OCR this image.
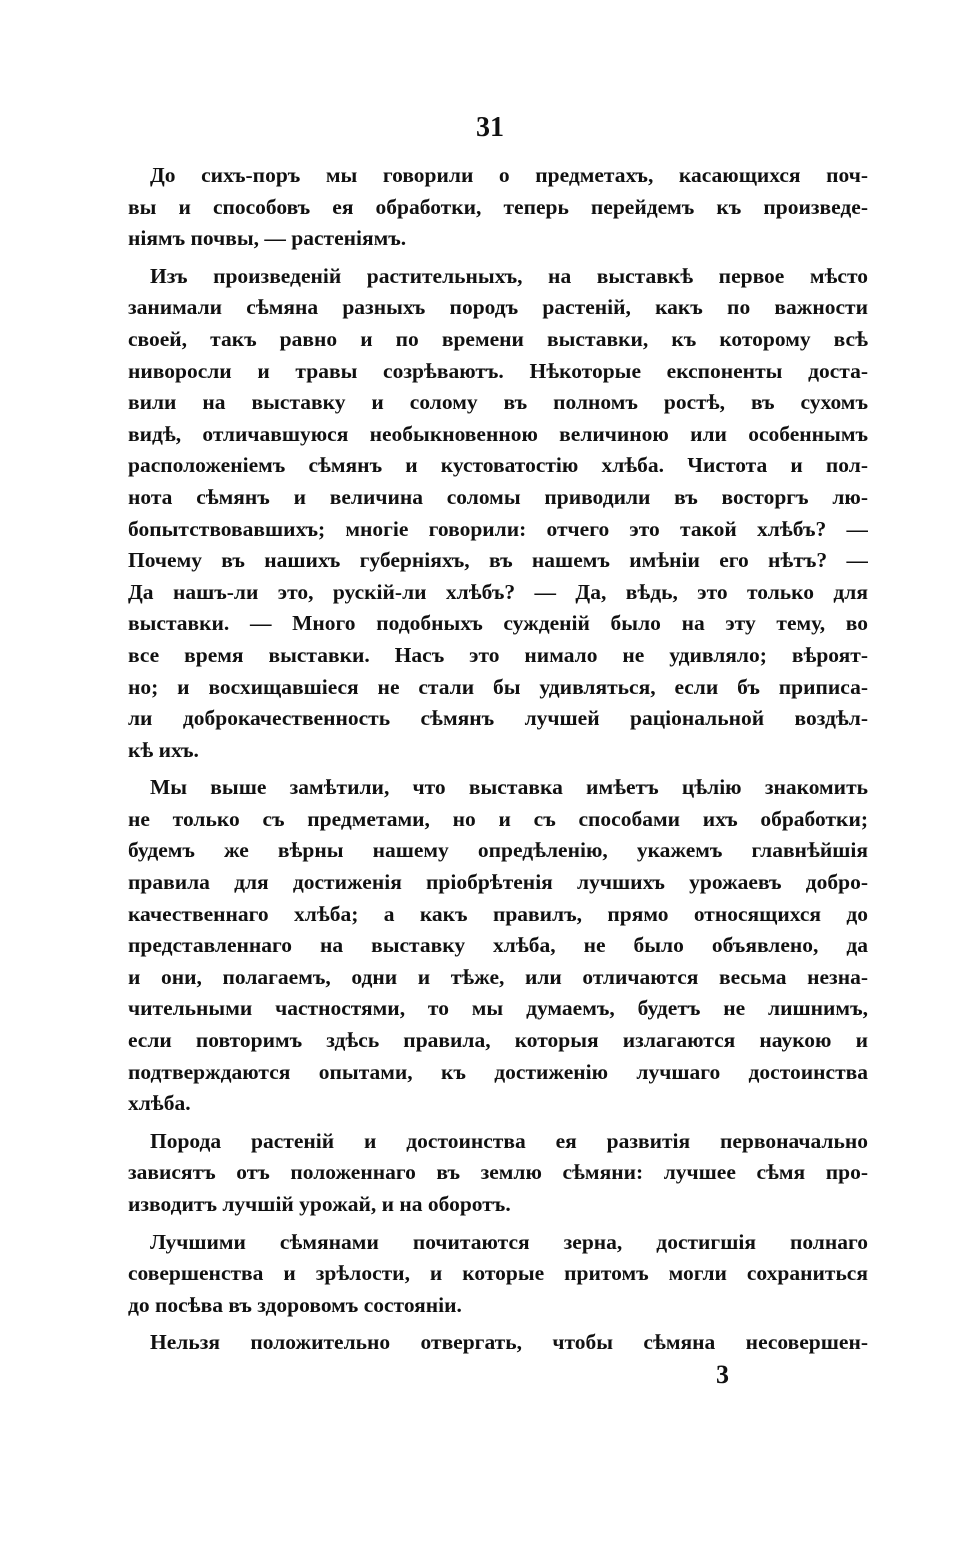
31
До сихъ-поръ мы говорили о предметахъ, касающихся поч-
вы и способовъ ея обработки, теперь перейдемъ къ произведе-
ніямъ почвы, — растеніямъ.
Изъ произведеній растительныхъ, на выставкѣ первое мѣсто
занимали сѣмяна разныхъ породъ растеній, какъ по важности
своей, такъ равно и по времени выставки, къ которому всѣ
ниворосли и травы созрѣваютъ. Нѣкоторые експоненты доста-
вили на выставку и солому въ полномъ ростѣ, въ сухомъ
видѣ, отличавшуюся необыкновенною величиною или особеннымъ
расположеніемъ сѣмянъ и кустоватостію хлѣба. Чистота и пол-
нота сѣмянъ и величина соломы приводили въ восторгъ лю-
бопытствовавшихъ; многіе говорили: отчего это такой хлѣбъ? —
Почему въ нашихъ губерніяхъ, въ нашемъ имѣніи его нѣтъ? —
Да нашъ-ли это, рускій-ли хлѣбъ? — Да, вѣдь, это только для
выставки. — Много подобныхъ сужденій было на эту тему, во
все время выставки. Насъ это нимало не удивляло; вѣроят-
но; и восхищавшіеся не стали бы удивляться, если бъ приписа-
ли доброкачественность сѣмянъ лучшей раціональной воздѣл-
кѣ ихъ.
Мы выше замѣтили, что выставка имѣетъ цѣлію знакомить
не только съ предметами, но и съ способами ихъ обработки;
будемъ же вѣрны нашему опредѣленію, укажемъ главнѣйшія
правила для достиженія пріобрѣтенія лучшихъ урожаевъ добро-
качественнаго хлѣба; а какъ правилъ, прямо относящихся до
представленнаго на выставку хлѣба, не было объявлено, да
и они, полагаемъ, одни и тѣже, или отличаются весьма незна-
чительными частностями, то мы думаемъ, будетъ не лишнимъ,
если повторимъ здѣсь правила, которыя излагаются наукою и
подтверждаются опытами, къ достиженію лучшаго достоинства
хлѣба.
Порода растеній и достоинства ея развитія первоначально
зависятъ отъ положеннаго въ землю сѣмяни: лучшее сѣмя про-
изводитъ лучшій урожай, и на оборотъ.
Лучшими сѣмянами почитаются зерна, достигшія полнаго
совершенства и зрѣлости, и которые притомъ могли сохраниться
до посѣва въ здоровомъ состояніи.
Нельзя положительно отвергать, чтобы сѣмяна несовершен-
3
